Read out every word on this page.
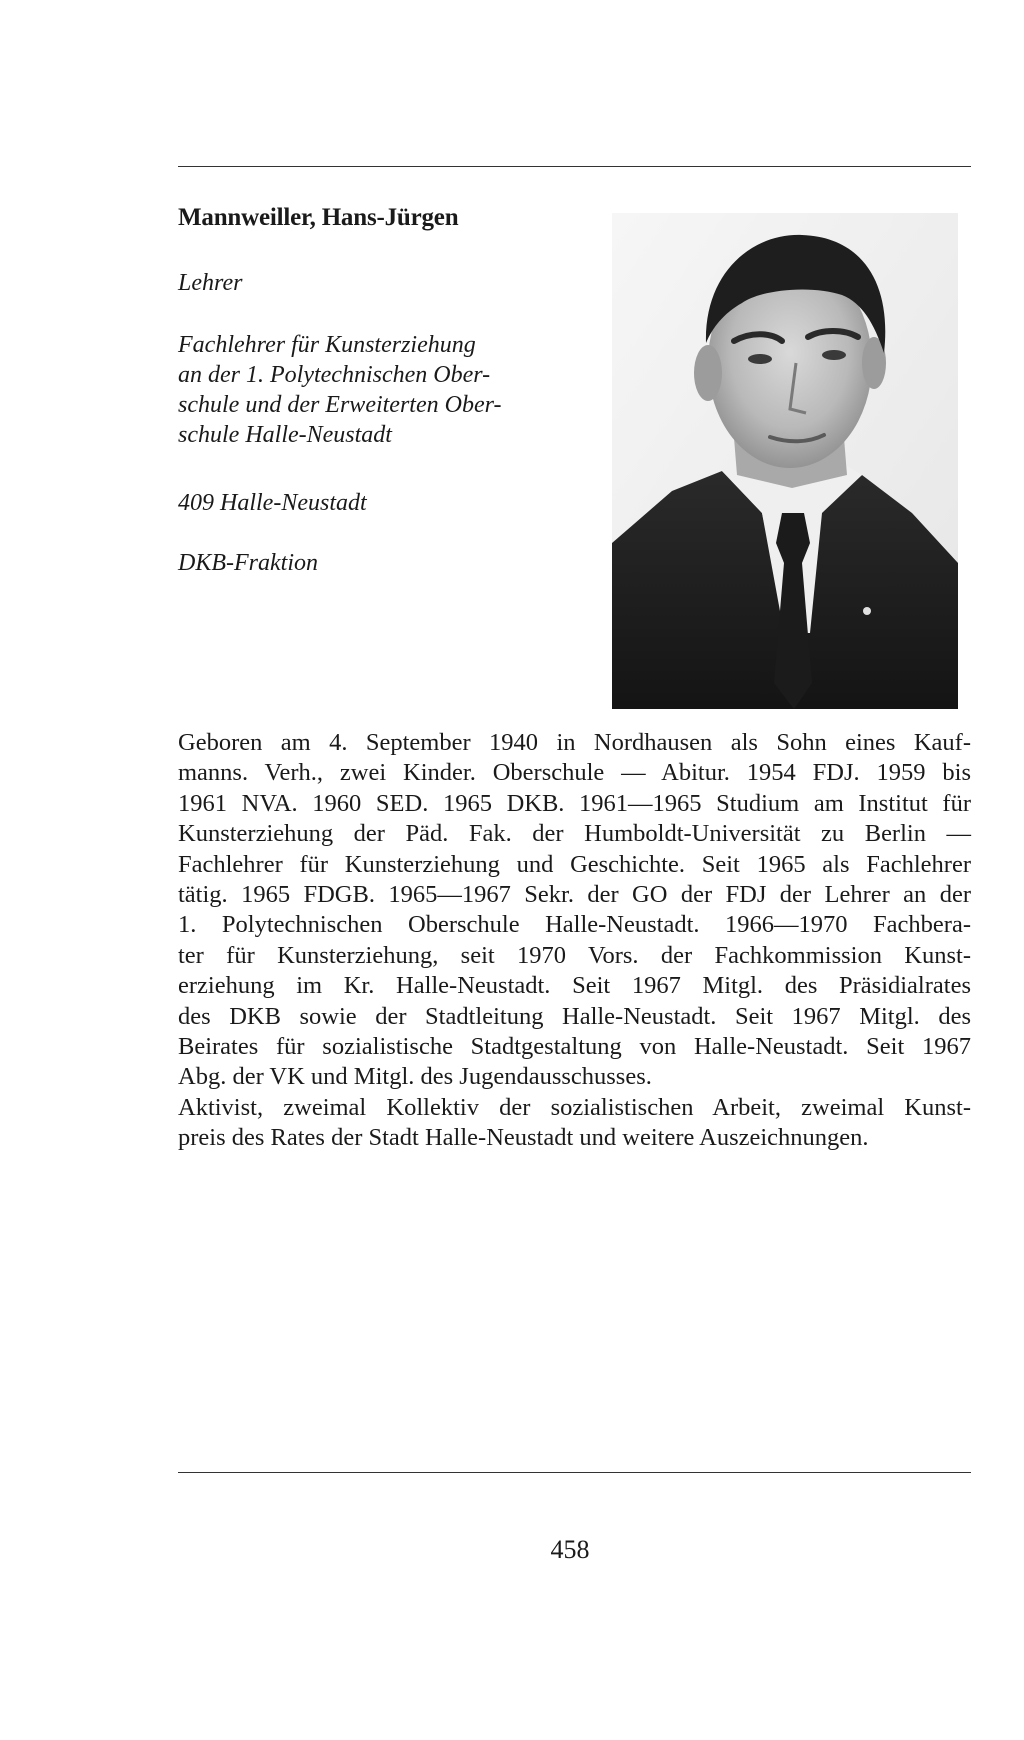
Mannweiller, Hans-Jürgen
Lehrer

Fachlehrer für Kunsterziehung
an der 1. Polytechnischen Ober-
schule und der Erweiterten Ober-
schule Halle-Neustadt

409 Halle-Neustadt
DKB-Fraktion
Geboren am 4. September 1940 in Nordhausen als Sohn eines Kauf-
manns. Verh., zwei Kinder. Oberschule — Abitur. 1954 FDJ. 1959 bis
1961 NVA. 1960 SED. 1965 DKB. 1961—1965 Studium am Institut für
Kunsterziehung der Päd. Fak. der Humboldt-Universität zu Berlin —
Fachlehrer für Kunsterziehung und Geschichte. Seit 1965 als Fachlehrer
tätig. 1965 FDGB. 1965—1967 Sekr. der GO der FDJ der Lehrer an der
1. Polytechnischen Oberschule Halle-Neustadt. 1966—1970 Fachbera-
ter für Kunsterziehung, seit 1970 Vors. der Fachkommission Kunst-
erziehung im Kr. Halle-Neustadt. Seit 1967 Mitgl. des Präsidialrates
des DKB sowie der Stadtleitung Halle-Neustadt. Seit 1967 Mitgl. des
Beirates für sozialistische Stadtgestaltung von Halle-Neustadt. Seit 1967
Abg. der VK und Mitgl. des Jugendausschusses.
Aktivist, zweimal Kollektiv der sozialistischen Arbeit, zweimal Kunst-
preis des Rates der Stadt Halle-Neustadt und weitere Auszeichnungen.
458
